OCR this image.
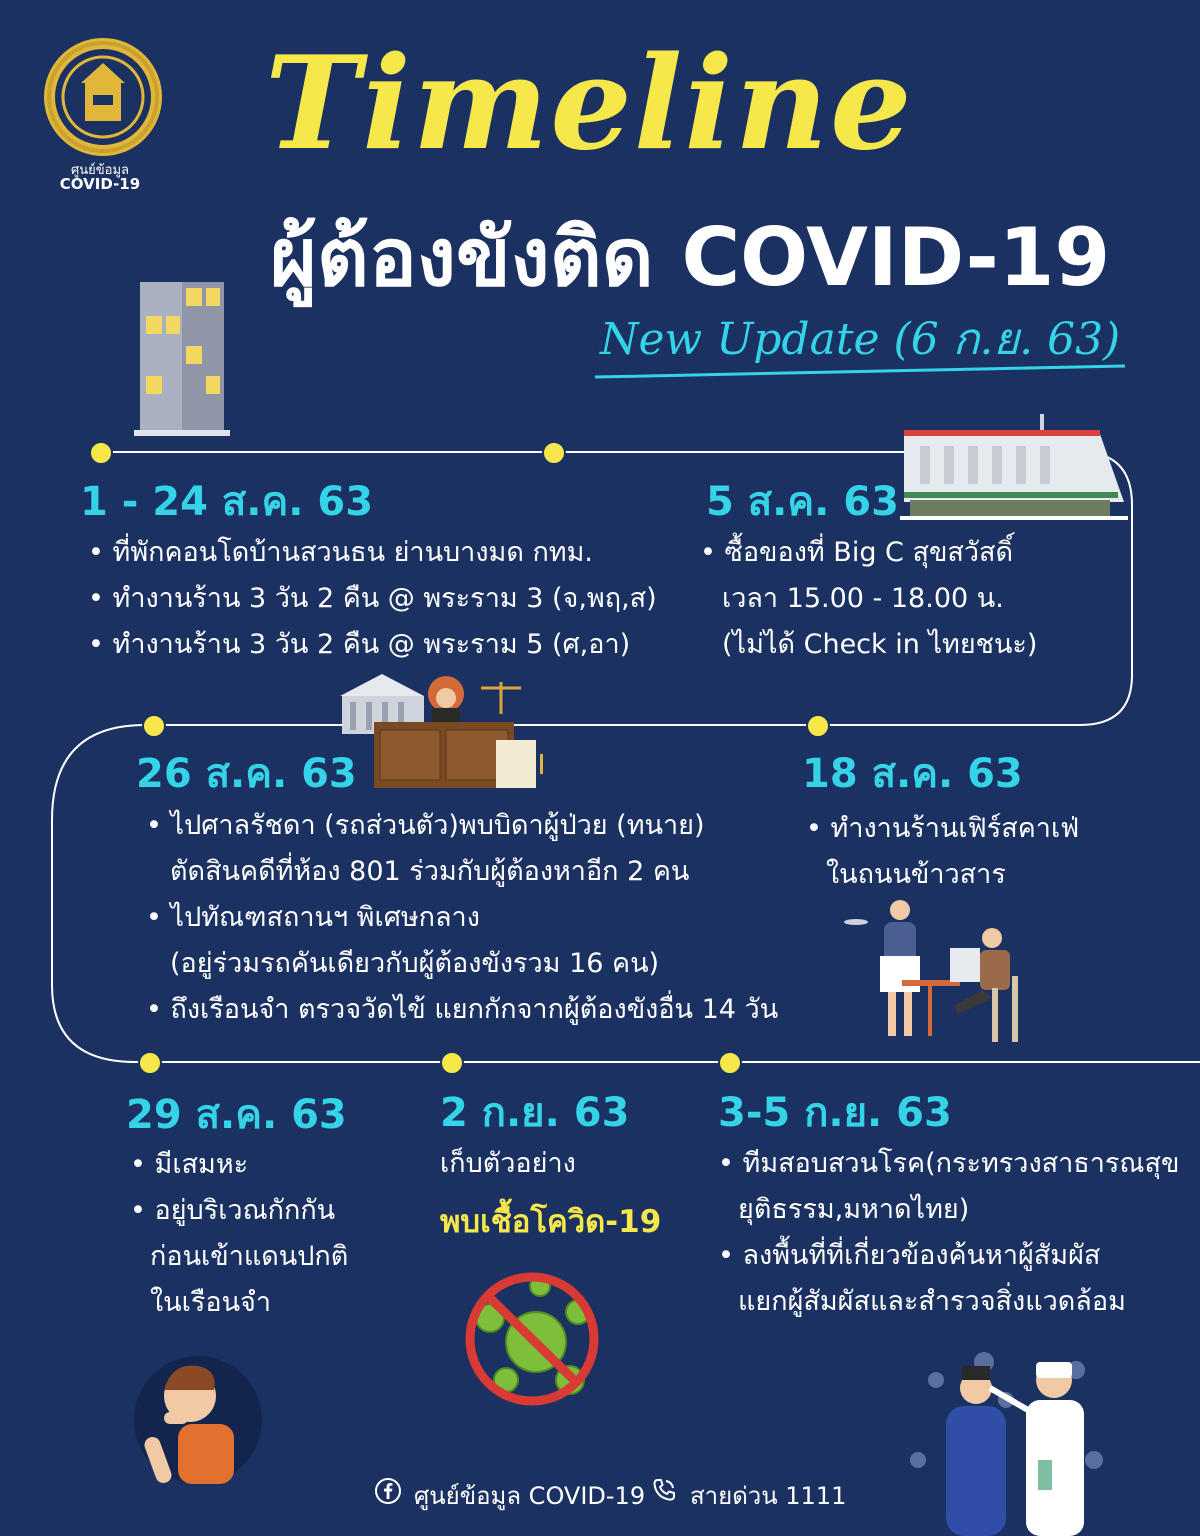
ศูนย์ข้อมูล
COVID-19
Timeline
ผู้ต้องขังติด COVID-19
New Update (6 ก.ย. 63)
1 - 24 ส.ค. 63
• ที่พักคอนโดบ้านสวนธน ย่านบางมด กทม.
• ทำงานร้าน 3 วัน 2 คืน @ พระราม 3 (จ,พฤ,ส)
• ทำงานร้าน 3 วัน 2 คืน @ พระราม 5 (ศ,อา)
5 ส.ค. 63
• ซื้อของที่ Big C สุขสวัสดิ์
เวลา 15.00 - 18.00 น.
(ไม่ได้ Check in ไทยชนะ)
26 ส.ค. 63
• ไปศาลรัชดา (รถส่วนตัว)พบบิดาผู้ป่วย (ทนาย)
ตัดสินคดีที่ห้อง 801 ร่วมกับผู้ต้องหาอีก 2 คน
• ไปทัณฑสถานฯ พิเศษกลาง
(อยู่ร่วมรถคันเดียวกับผู้ต้องขังรวม 16 คน)
• ถึงเรือนจำ ตรวจวัดไข้ แยกกักจากผู้ต้องขังอื่น 14 วัน
18 ส.ค. 63
• ทำงานร้านเฟิร์สคาเฟ่
ในถนนข้าวสาร
29 ส.ค. 63
• มีเสมหะ
• อยู่บริเวณกักกัน
ก่อนเข้าแดนปกติ
ในเรือนจำ
2 ก.ย. 63
เก็บตัวอย่าง
พบเชื้อโควิด-19
3-5 ก.ย. 63
• ทีมสอบสวนโรค(กระทรวงสาธารณสุข
ยุติธรรม,มหาดไทย)
• ลงพื้นที่ที่เกี่ยวข้องค้นหาผู้สัมผัส
แยกผู้สัมผัสและสำรวจสิ่งแวดล้อม
ศูนย์ข้อมูล COVID-19 สายด่วน 1111
